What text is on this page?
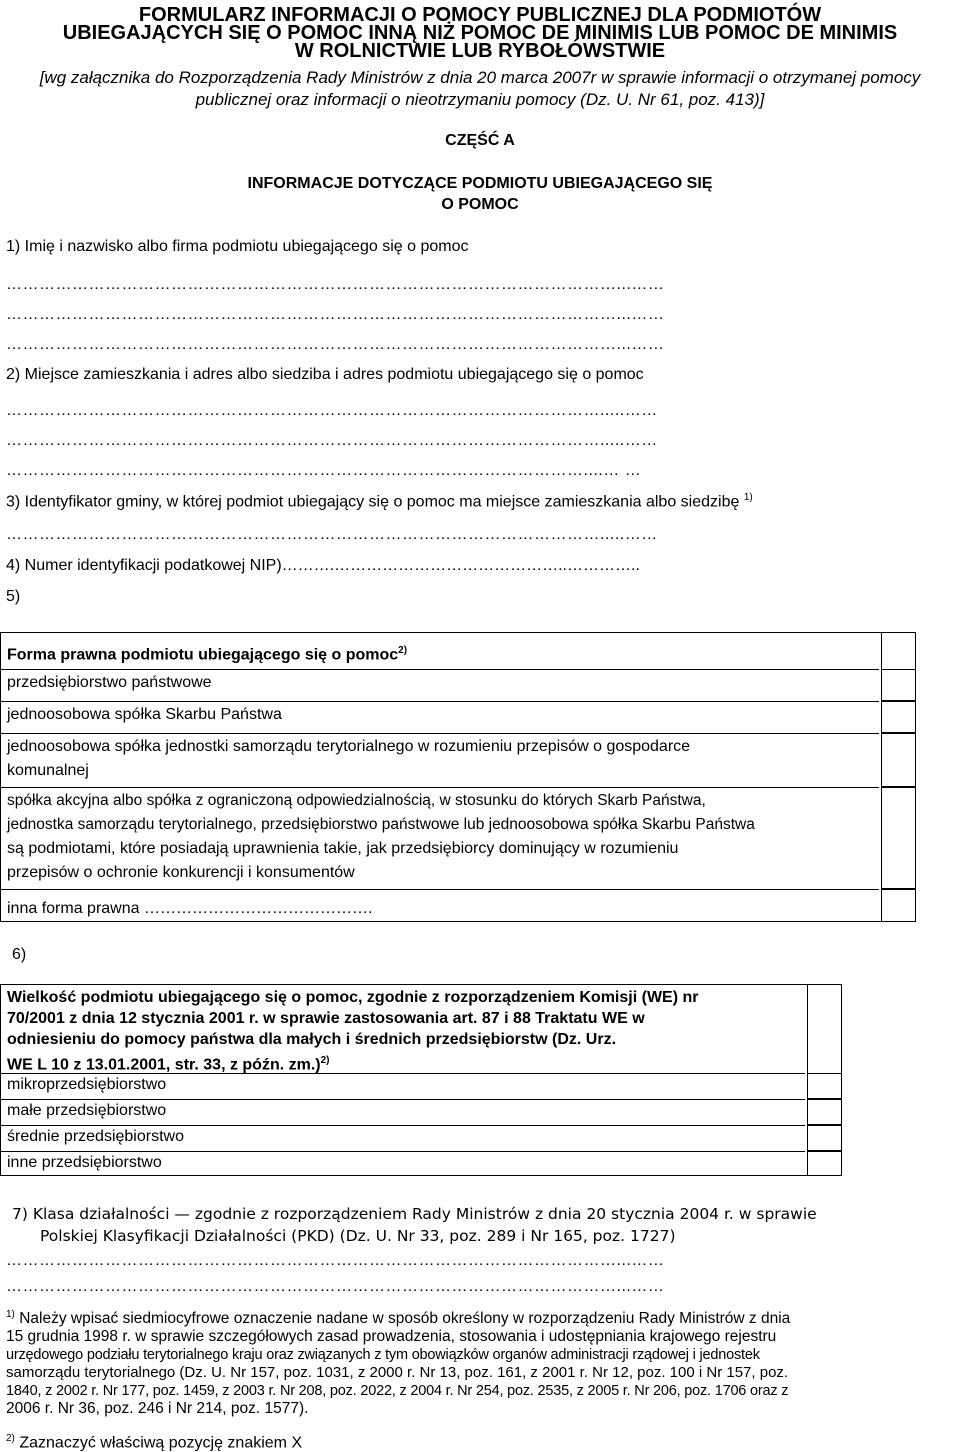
FORMULARZ INFORMACJI O POMOCY PUBLICZNEJ DLA PODMIOTÓW
UBIEGAJĄCYCH SIĘ O POMOC INNĄ NIŻ POMOC DE MINIMIS LUB POMOC DE MINIMIS
W ROLNICTWIE LUB RYBOŁÓWSTWIE
[wg załącznika do Rozporządzenia Rady Ministrów z dnia 20 marca 2007r w sprawie informacji o otrzymanej pomocy
publicznej oraz informacji o nieotrzymaniu pomocy (Dz. U. Nr 61, poz. 413)]
CZĘŚĆ A
INFORMACJE DOTYCZĄCE PODMIOTU UBIEGAJĄCEGO SIĘ
O POMOC
1) Imię i nazwisko albo firma podmiotu ubiegającego się o pomoc
…………………………………………………………………………………………………...……
…………………………………………………………………………………………………...……
…………………………………………………………………………………………………...……
2) Miejsce zamieszkania i adres albo siedziba i adres podmiotu ubiegającego się o pomoc
……………………………………………………………………………………………….....……
……………………………………………………………………………………………….....……
……………………………………………………………………………………………....… …
3) Identyfikator gminy, w której podmiot ubiegający się o pomoc ma miejsce zamieszkania albo siedzibę $^{1)}$
……………………………………………………………………………………………….....……
4) Numer identyfikacji podatkowej NIP)……….……………………………………..…………..
5)
Forma prawna podmiotu ubiegającego się o pomoc$^{2)}$
przedsiębiorstwo państwowe
jednoosobowa spółka Skarbu Państwa
jednoosobowa spółka jednostki samorządu terytorialnego w rozumieniu przepisów o gospodarce
komunalnej
spółka akcyjna albo spółka z ograniczoną odpowiedzialnością, w stosunku do których Skarb Państwa,
jednostka samorządu terytorialnego, przedsiębiorstwo państwowe lub jednoosobowa spółka Skarbu Państwa
są podmiotami, które posiadają uprawnienia takie, jak przedsiębiorcy dominujący w rozumieniu
przepisów o ochronie konkurencji i konsumentów
inna forma prawna …………………………………….
6)
Wielkość podmiotu ubiegającego się o pomoc, zgodnie z rozporządzeniem Komisji (WE) nr
70/2001 z dnia 12 stycznia 2001 r. w sprawie zastosowania art. 87 i 88 Traktatu WE w
odniesieniu do pomocy państwa dla małych i średnich przedsiębiorstw (Dz. Urz.
WE L 10 z 13.01.2001, str. 33, z późn. zm.)$^{2)}$
mikroprzedsiębiorstwo
małe przedsiębiorstwo
średnie przedsiębiorstwo
inne przedsiębiorstwo
7) Klasa działalności — zgodnie z rozporządzeniem Rady Ministrów z dnia 20 stycznia 2004 r. w sprawie
Polskiej Klasyfikacji Działalności (PKD) (Dz. U. Nr 33, poz. 289 i Nr 165, poz. 1727)
…………………………………………………………………………………………………...……
…………………………………………………………………………………………………...……
$^{1)}$ Należy wpisać siedmiocyfrowe oznaczenie nadane w sposób określony w rozporządzeniu Rady Ministrów z dnia
15 grudnia 1998 r. w sprawie szczegółowych zasad prowadzenia, stosowania i udostępniania krajowego rejestru
urzędowego podziału terytorialnego kraju oraz związanych z tym obowiązków organów administracji rządowej i jednostek
samorządu terytorialnego (Dz. U. Nr 157, poz. 1031, z 2000 r. Nr 13, poz. 161, z 2001 r. Nr 12, poz. 100 i Nr 157, poz.
1840, z 2002 r. Nr 177, poz. 1459, z 2003 r. Nr 208, poz. 2022, z 2004 r. Nr 254, poz. 2535, z 2005 r. Nr 206, poz. 1706 oraz z
2006 r. Nr 36, poz. 246 i Nr 214, poz. 1577).
$^{2)}$ Zaznaczyć właściwą pozycję znakiem X
